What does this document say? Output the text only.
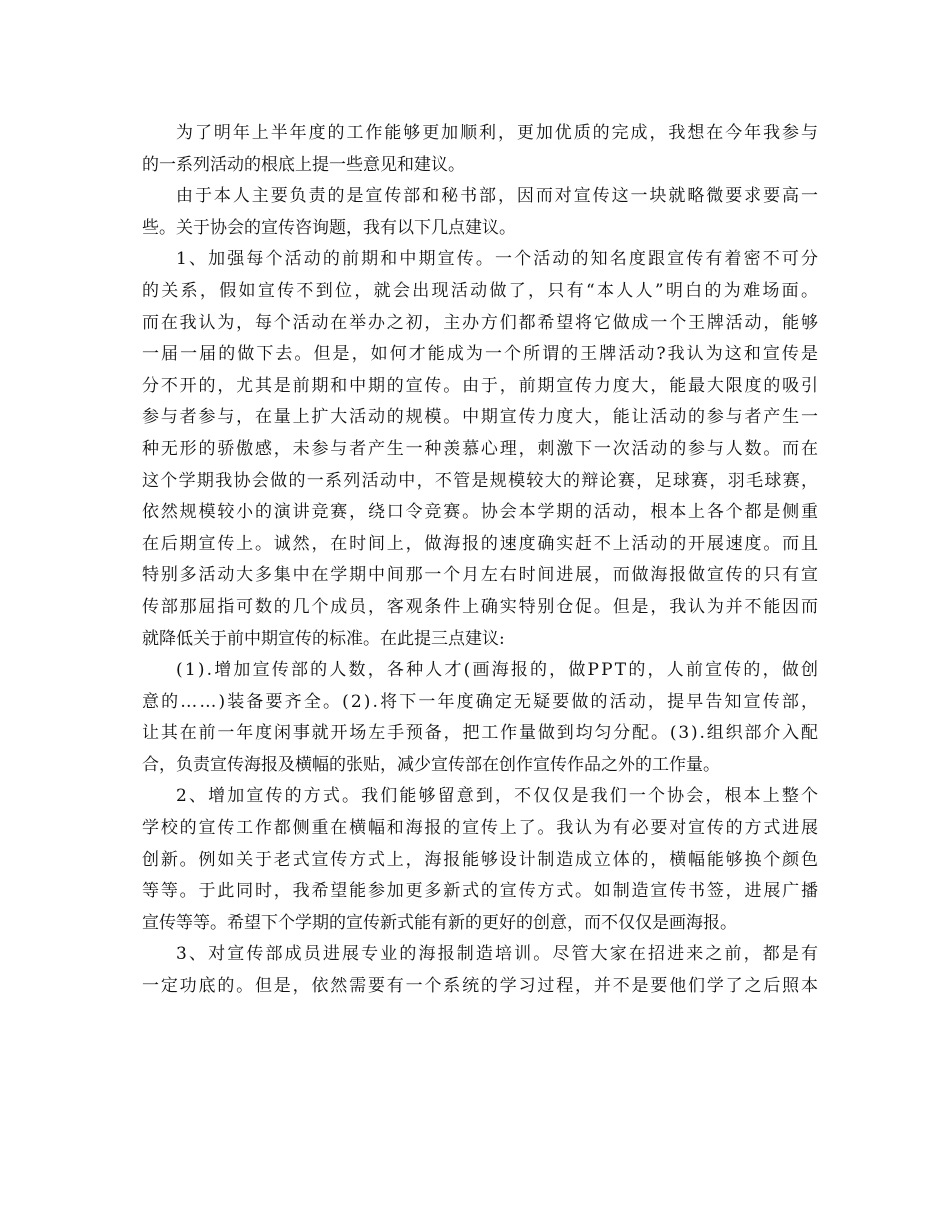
为了明年上半年度的工作能够更加顺利，更加优质的完成，我想在今年我参与
的一系列活动的根底上提一些意见和建议。
由于本人主要负责的是宣传部和秘书部，因而对宣传这一块就略微要求要高一
些。关于协会的宣传咨询题，我有以下几点建议。
1、加强每个活动的前期和中期宣传。一个活动的知名度跟宣传有着密不可分
的关系，假如宣传不到位，就会出现活动做了，只有“本人人”明白的为难场面。
而在我认为，每个活动在举办之初，主办方们都希望将它做成一个王牌活动，能够
一届一届的做下去。但是，如何才能成为一个所谓的王牌活动?我认为这和宣传是
分不开的，尤其是前期和中期的宣传。由于，前期宣传力度大，能最大限度的吸引
参与者参与，在量上扩大活动的规模。中期宣传力度大，能让活动的参与者产生一
种无形的骄傲感，未参与者产生一种羡慕心理，刺激下一次活动的参与人数。而在
这个学期我协会做的一系列活动中，不管是规模较大的辩论赛，足球赛，羽毛球赛，
依然规模较小的演讲竞赛，绕口令竞赛。协会本学期的活动，根本上各个都是侧重
在后期宣传上。诚然，在时间上，做海报的速度确实赶不上活动的开展速度。而且
特别多活动大多集中在学期中间那一个月左右时间进展，而做海报做宣传的只有宣
传部那屈指可数的几个成员，客观条件上确实特别仓促。但是，我认为并不能因而
就降低关于前中期宣传的标准。在此提三点建议:
(1).增加宣传部的人数，各种人才(画海报的，做PPT的，人前宣传的，做创
意的……)装备要齐全。(2).将下一年度确定无疑要做的活动，提早告知宣传部，
让其在前一年度闲事就开场左手预备，把工作量做到均匀分配。(3).组织部介入配
合，负责宣传海报及横幅的张贴，减少宣传部在创作宣传作品之外的工作量。
2、增加宣传的方式。我们能够留意到，不仅仅是我们一个协会，根本上整个
学校的宣传工作都侧重在横幅和海报的宣传上了。我认为有必要对宣传的方式进展
创新。例如关于老式宣传方式上，海报能够设计制造成立体的，横幅能够换个颜色
等等。于此同时，我希望能参加更多新式的宣传方式。如制造宣传书签，进展广播
宣传等等。希望下个学期的宣传新式能有新的更好的创意，而不仅仅是画海报。
3、对宣传部成员进展专业的海报制造培训。尽管大家在招进来之前，都是有
一定功底的。但是，依然需要有一个系统的学习过程，并不是要他们学了之后照本
